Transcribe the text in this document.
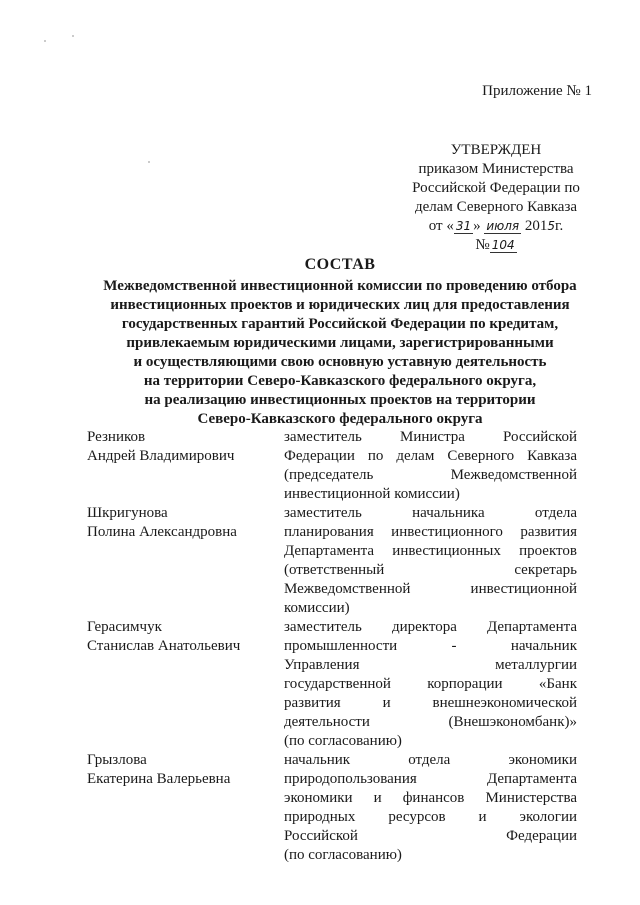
Приложение № 1
УТВЕРЖДЕН
приказом Министерства
Российской Федерации по
делам Северного Кавказа
от « 31 » июля 2015г.
№ 104
СОСТАВ
Межведомственной инвестиционной комиссии по проведению отбора
инвестиционных проектов и юридических лиц для предоставления
государственных гарантий Российской Федерации по кредитам,
привлекаемым юридическими лицами, зарегистрированными
и осуществляющими свою основную уставную деятельность
на территории Северо-Кавказского федерального округа,
на реализацию инвестиционных проектов на территории
Северо-Кавказского федерального округа
Резников
Андрей Владимирович
заместитель Министра Российской
Федерации по делам Северного Кавказа
(председатель Межведомственной
инвестиционной комиссии)
Шкригунова
Полина Александровна
заместитель начальника отдела
планирования инвестиционного развития
Департамента инвестиционных проектов
(ответственный секретарь
Межведомственной инвестиционной
комиссии)
Герасимчук
Станислав Анатольевич
заместитель директора Департамента
промышленности - начальник
Управления металлургии
государственной корпорации «Банк
развития и внешнеэкономической
деятельности (Внешэкономбанк)»
(по согласованию)
Грызлова
Екатерина Валерьевна
начальник отдела экономики
природопользования Департамента
экономики и финансов Министерства
природных ресурсов и экологии
Российской Федерации
(по согласованию)
